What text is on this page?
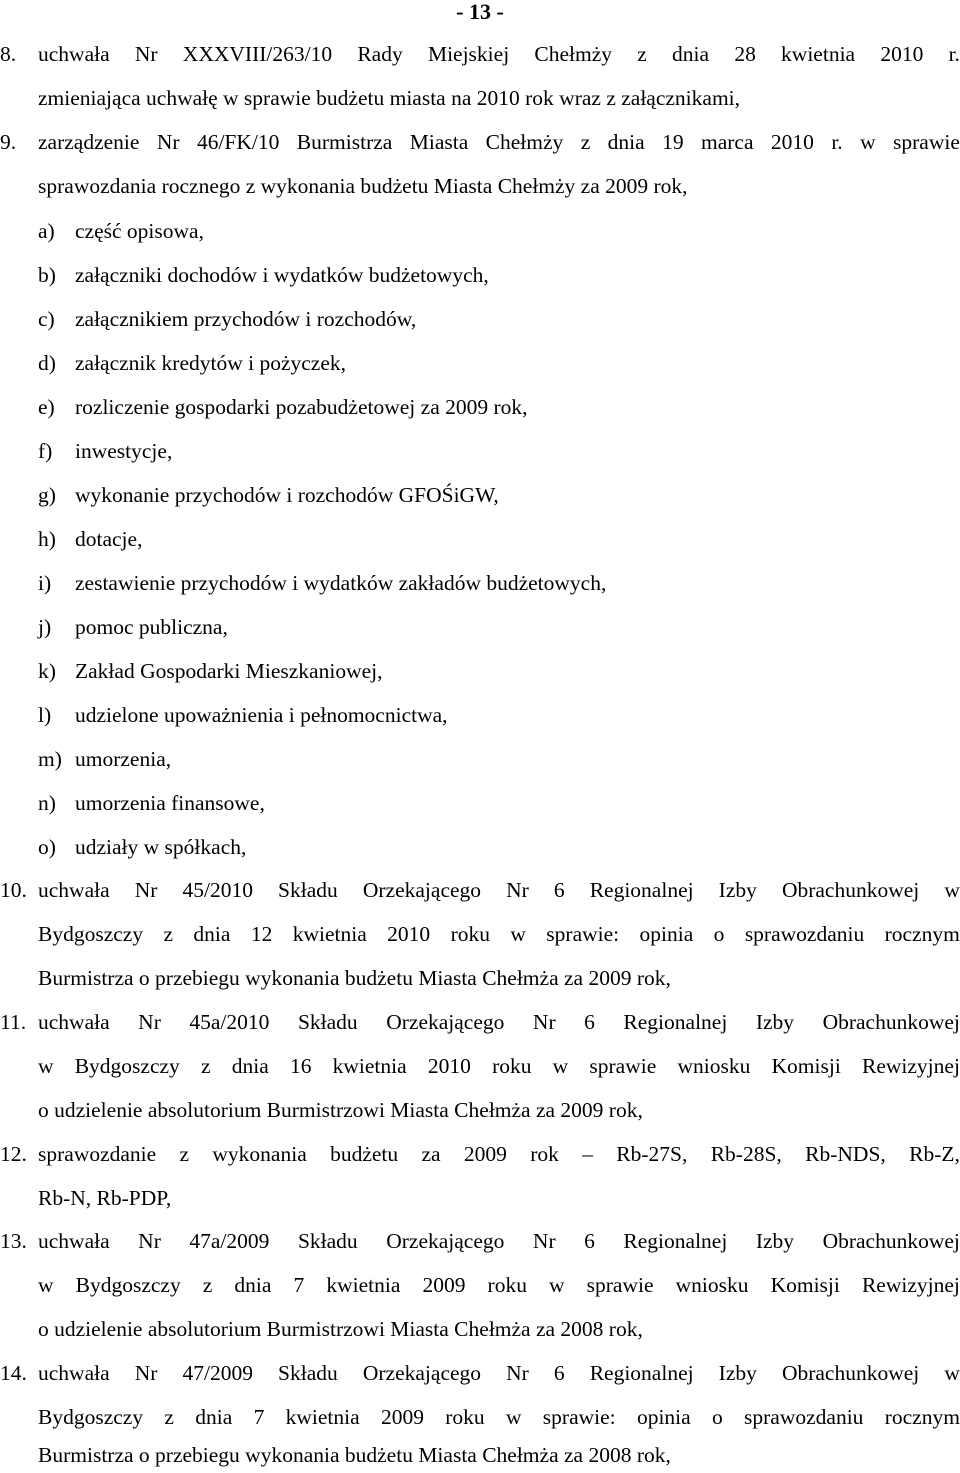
- 13 -
8. uchwała Nr XXXVIII/263/10 Rady Miejskiej Chełmży z dnia 28 kwietnia 2010 r.
zmieniająca uchwałę w sprawie budżetu miasta na 2010 rok wraz z załącznikami,
9. zarządzenie Nr 46/FK/10 Burmistrza Miasta Chełmży z dnia 19 marca 2010 r. w sprawie
sprawozdania rocznego z wykonania budżetu Miasta Chełmży za 2009 rok,
a) część opisowa,
b) załączniki dochodów i wydatków budżetowych,
c) załącznikiem przychodów i rozchodów,
d) załącznik kredytów i pożyczek,
e) rozliczenie gospodarki pozabudżetowej za 2009 rok,
f) inwestycje,
g) wykonanie przychodów i rozchodów GFOŚiGW,
h) dotacje,
i) zestawienie przychodów i wydatków zakładów budżetowych,
j) pomoc publiczna,
k) Zakład Gospodarki Mieszkaniowej,
l) udzielone upoważnienia i pełnomocnictwa,
m) umorzenia,
n) umorzenia finansowe,
o) udziały w spółkach,
10. uchwała Nr 45/2010 Składu Orzekającego Nr 6 Regionalnej Izby Obrachunkowej w
Bydgoszczy z dnia 12 kwietnia 2010 roku w sprawie: opinia o sprawozdaniu rocznym
Burmistrza o przebiegu wykonania budżetu Miasta Chełmża za 2009 rok,
11. uchwała Nr 45a/2010 Składu Orzekającego Nr 6 Regionalnej Izby Obrachunkowej
w Bydgoszczy z dnia 16 kwietnia 2010 roku w sprawie wniosku Komisji Rewizyjnej
o udzielenie absolutorium Burmistrzowi Miasta Chełmża za 2009 rok,
12. sprawozdanie z wykonania budżetu za 2009 rok – Rb-27S, Rb-28S, Rb-NDS, Rb-Z,
Rb-N, Rb-PDP,
13. uchwała Nr 47a/2009 Składu Orzekającego Nr 6 Regionalnej Izby Obrachunkowej
w Bydgoszczy z dnia 7 kwietnia 2009 roku w sprawie wniosku Komisji Rewizyjnej
o udzielenie absolutorium Burmistrzowi Miasta Chełmża za 2008 rok,
14. uchwała Nr 47/2009 Składu Orzekającego Nr 6 Regionalnej Izby Obrachunkowej w
Bydgoszczy z dnia 7 kwietnia 2009 roku w sprawie: opinia o sprawozdaniu rocznym
Burmistrza o przebiegu wykonania budżetu Miasta Chełmża za 2008 rok,
